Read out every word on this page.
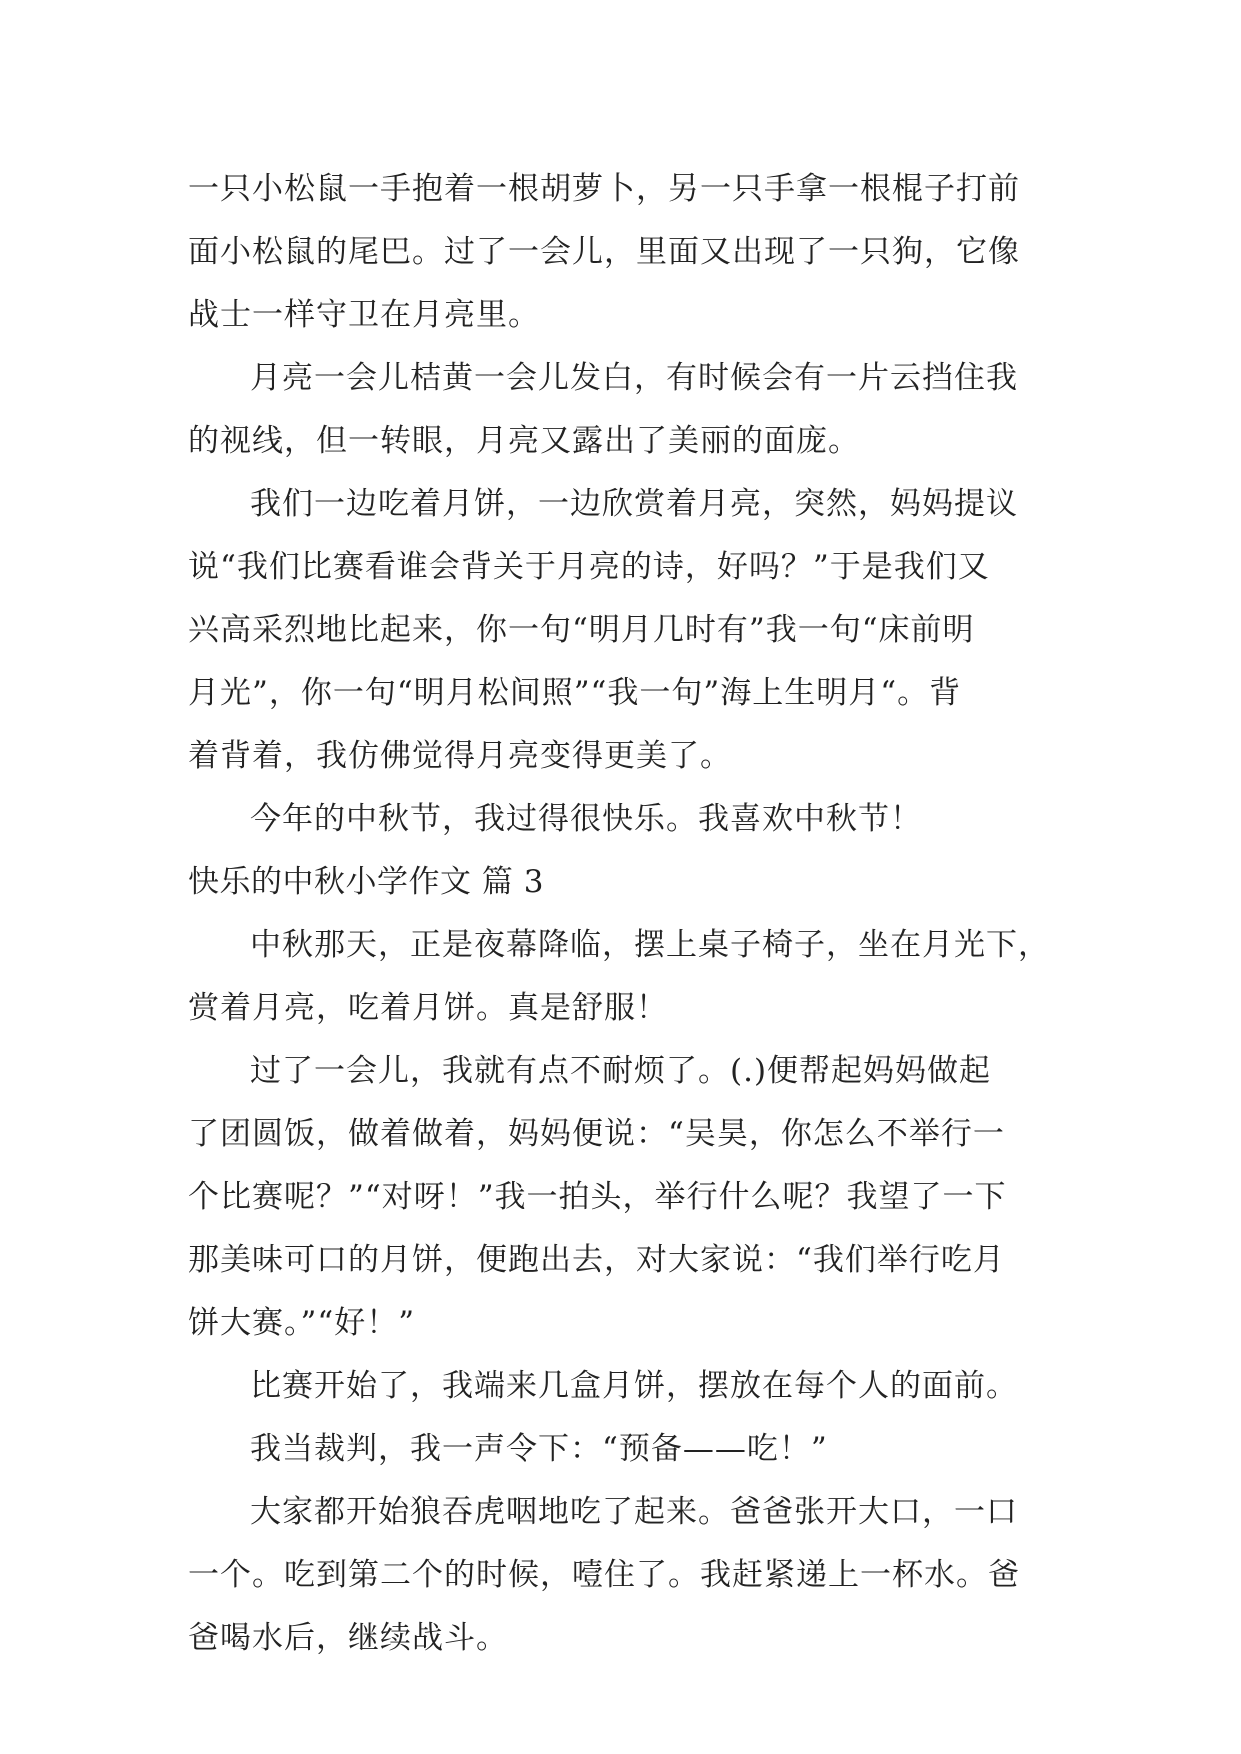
一只小松鼠一手抱着一根胡萝卜，另一只手拿一根棍子打前
面小松鼠的尾巴。过了一会儿，里面又出现了一只狗，它像
战士一样守卫在月亮里。
月亮一会儿桔黄一会儿发白，有时候会有一片云挡住我
的视线，但一转眼，月亮又露出了美丽的面庞。
我们一边吃着月饼，一边欣赏着月亮，突然，妈妈提议
说“我们比赛看谁会背关于月亮的诗，好吗？”于是我们又
兴高采烈地比起来，你一句“明月几时有”我一句“床前明
月光”，你一句“明月松间照”“我一句”海上生明月“。背
着背着，我仿佛觉得月亮变得更美了。
今年的中秋节，我过得很快乐。我喜欢中秋节！
快乐的中秋小学作文 篇 3
中秋那天，正是夜幕降临，摆上桌子椅子，坐在月光下，
赏着月亮，吃着月饼。真是舒服！
过了一会儿，我就有点不耐烦了。(.)便帮起妈妈做起
了团圆饭，做着做着，妈妈便说：“吴昊，你怎么不举行一
个比赛呢？”“对呀！”我一拍头，举行什么呢？我望了一下
那美味可口的月饼，便跑出去，对大家说：“我们举行吃月
饼大赛。”“好！”
比赛开始了，我端来几盒月饼，摆放在每个人的面前。
我当裁判，我一声令下：“预备——吃！”
大家都开始狼吞虎咽地吃了起来。爸爸张开大口，一口
一个。吃到第二个的时候，噎住了。我赶紧递上一杯水。爸
爸喝水后，继续战斗。
